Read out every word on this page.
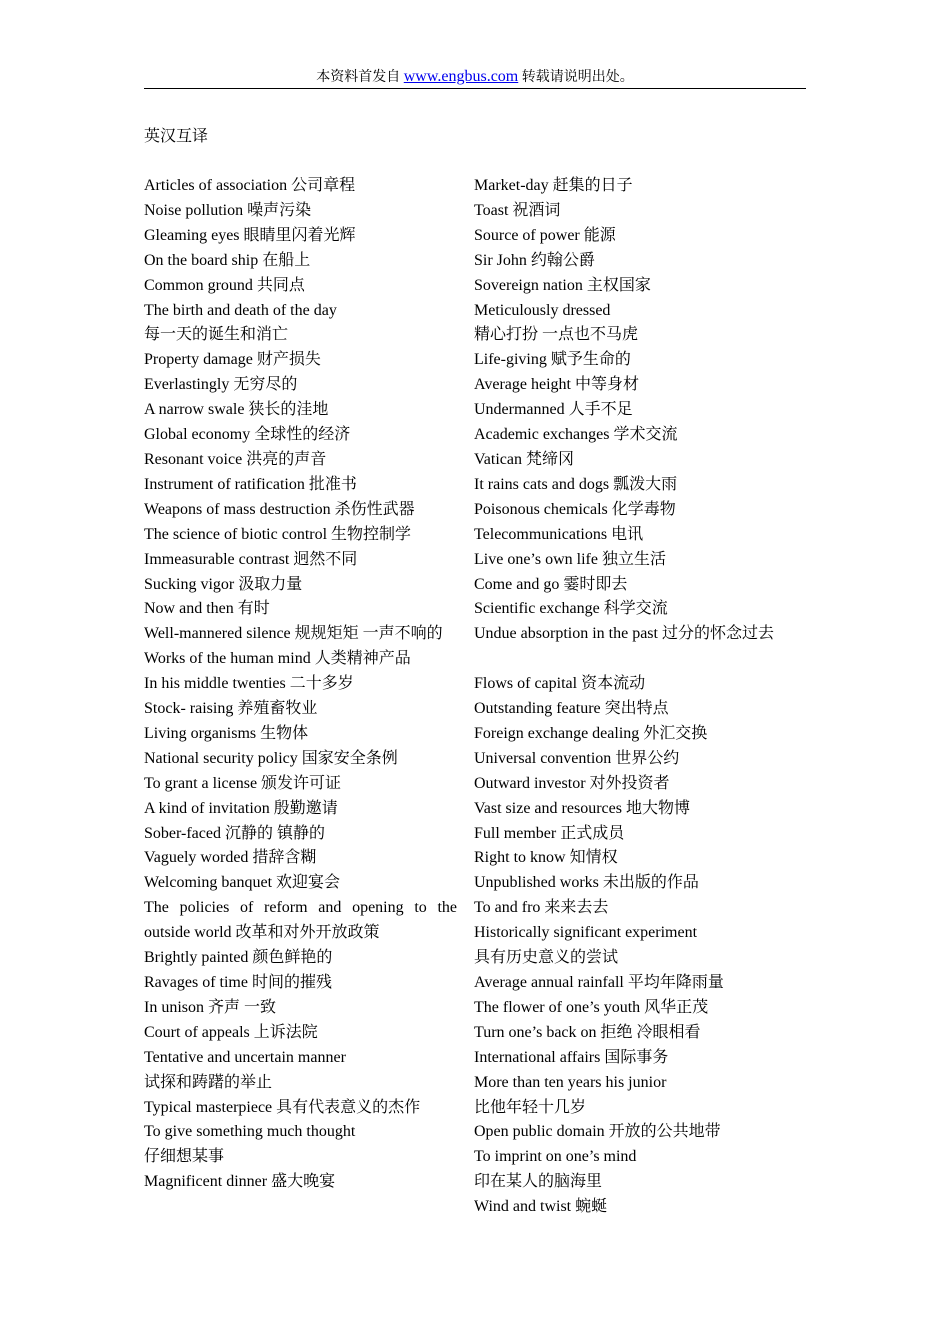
本资料首发自 www.engbus.com 转载请说明出处。
英汉互译

Articles of association 公司章程

Noise pollution 噪声污染

Gleaming eyes 眼睛里闪着光辉

On the board ship 在船上

Common ground 共同点

The birth and death of the day

每一天的诞生和消亡

Property damage 财产损失

Everlastingly 无穷尽的

A narrow swale 狭长的洼地

Global economy 全球性的经济

Resonant voice 洪亮的声音

Instrument of ratification 批准书

Weapons of mass destruction 杀伤性武器

The science of biotic control 生物控制学

Immeasurable contrast 迥然不同

Sucking vigor 汲取力量

Now and then 有时

Well-mannered silence 规规矩矩 一声不响的

Works of the human mind 人类精神产品

In his middle twenties 二十多岁

Stock- raising 养殖畜牧业

Living organisms 生物体

National security policy 国家安全条例

To grant a license 颁发许可证

A kind of invitation 殷勤邀请

Sober-faced 沉静的 镇静的

Vaguely worded 措辞含糊

Welcoming banquet 欢迎宴会

The policies of reform and opening to the outside world 改革和对外开放政策

Brightly painted 颜色鲜艳的

Ravages of time 时间的摧残

In unison 齐声 一致

Court of appeals 上诉法院

Tentative and uncertain manner

试探和踌躇的举止

Typical masterpiece 具有代表意义的杰作

To give something much thought

仔细想某事

Magnificent dinner 盛大晚宴

Market-day 赶集的日子

Toast 祝酒词

Source of power 能源

Sir John 约翰公爵

Sovereign nation 主权国家

Meticulously dressed

精心打扮 一点也不马虎

Life-giving 赋予生命的

Average height 中等身材

Undermanned 人手不足

Academic exchanges 学术交流

Vatican 梵缔冈

It rains cats and dogs 瓢泼大雨

Poisonous chemicals 化学毒物

Telecommunications 电讯

Live one’s own life 独立生活

Come and go 霎时即去

Scientific exchange 科学交流

Undue absorption in the past 过分的怀念过去

Flows of capital 资本流动

Outstanding feature 突出特点

Foreign exchange dealing 外汇交换

Universal convention 世界公约

Outward investor 对外投资者

Vast size and resources 地大物博

Full member 正式成员

Right to know 知情权

Unpublished works 未出版的作品

To and fro 来来去去

Historically significant experiment

具有历史意义的尝试

Average annual rainfall 平均年降雨量

The flower of one’s youth 风华正茂

Turn one’s back on 拒绝 冷眼相看

International affairs 国际事务

More than ten years his junior

比他年轻十几岁

Open public domain 开放的公共地带

To imprint on one’s mind

印在某人的脑海里

Wind and twist 蜿蜒
